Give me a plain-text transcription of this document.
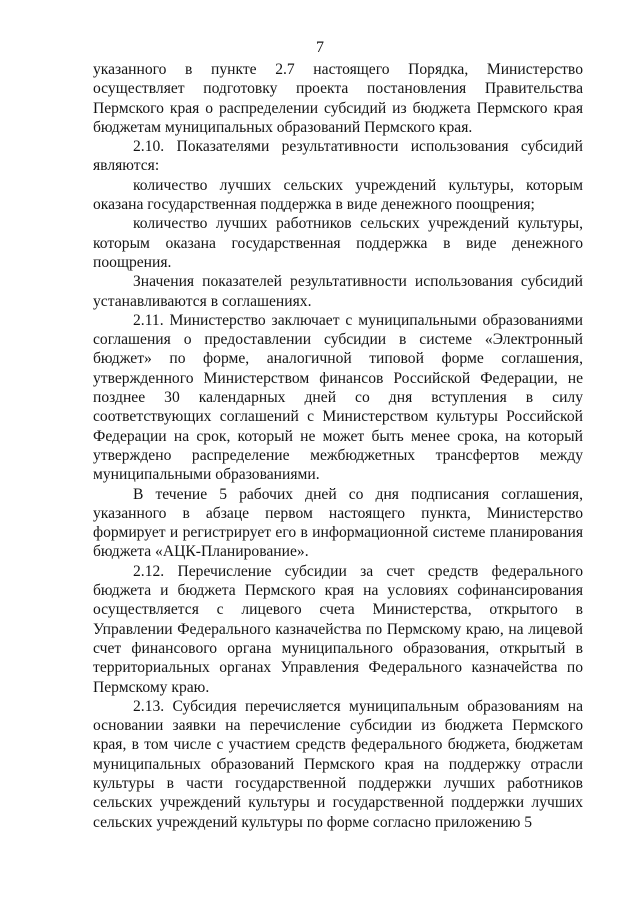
7

указанного в пункте 2.7 настоящего Порядка, Министерство осуществляет подготовку проекта постановления Правительства Пермского края о распределении субсидий из бюджета Пермского края бюджетам муниципальных образований Пермского края.

2.10. Показателями результативности использования субсидий являются:

количество лучших сельских учреждений культуры, которым оказана государственная поддержка в виде денежного поощрения;

количество лучших работников сельских учреждений культуры, которым оказана государственная поддержка в виде денежного поощрения.

Значения показателей результативности использования субсидий устанавливаются в соглашениях.

2.11. Министерство заключает с муниципальными образованиями соглашения о предоставлении субсидии в системе «Электронный бюджет» по форме, аналогичной типовой форме соглашения, утвержденного Министерством финансов Российской Федерации, не позднее 30 календарных дней со дня вступления в силу соответствующих соглашений с Министерством культуры Российской Федерации на срок, который не может быть менее срока, на который утверждено распределение межбюджетных трансфертов между муниципальными образованиями.

В течение 5 рабочих дней со дня подписания соглашения, указанного в абзаце первом настоящего пункта, Министерство формирует и регистрирует его в информационной системе планирования бюджета «АЦК-Планирование».

2.12. Перечисление субсидии за счет средств федерального бюджета и бюджета Пермского края на условиях софинансирования осуществляется с лицевого счета Министерства, открытого в Управлении Федерального казначейства по Пермскому краю, на лицевой счет финансового органа муниципального образования, открытый в территориальных органах Управления Федерального казначейства по Пермскому краю.

2.13. Субсидия перечисляется муниципальным образованиям на основании заявки на перечисление субсидии из бюджета Пермского края, в том числе с участием средств федерального бюджета, бюджетам муниципальных образований Пермского края на поддержку отрасли культуры в части государственной поддержки лучших работников сельских учреждений культуры и государственной поддержки лучших сельских учреждений культуры по форме согласно приложению 5
